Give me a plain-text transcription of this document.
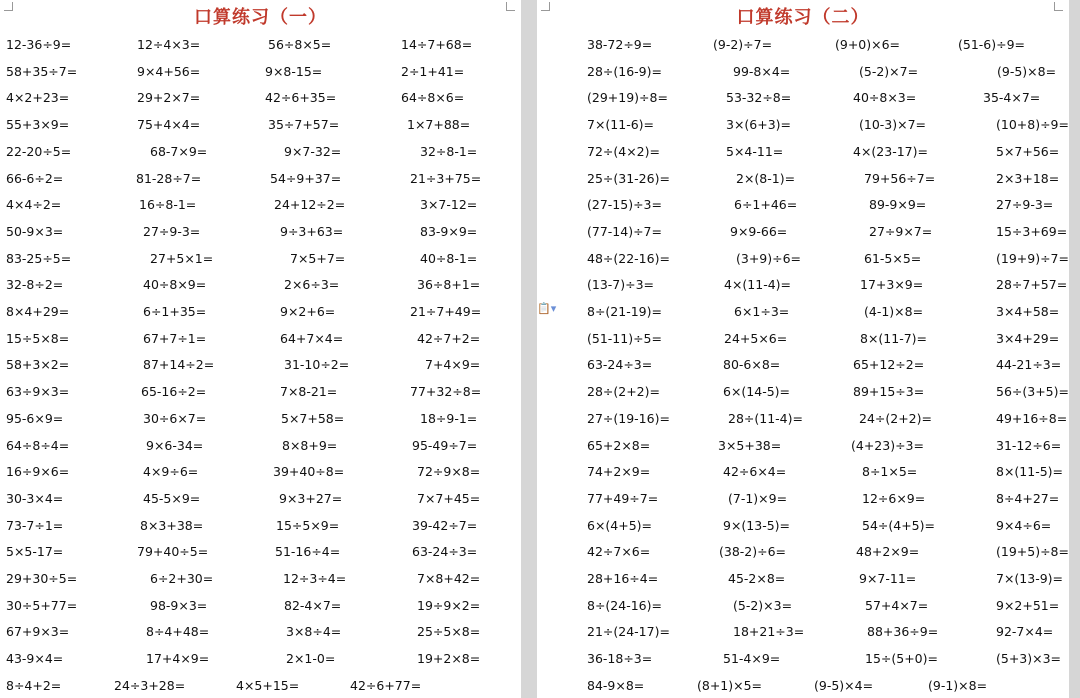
口算练习（一）
12-36÷9=	12÷4×3=	56÷8×5=	14÷7+68=
58+35÷7=	9×4+56=	9×8-15=	2÷1+41=
4×2+23=	29+2×7=	42÷6+35=	64÷8×6=
55+3×9=	75+4×4=	35÷7+57=	1×7+88=
22-20÷5=	68-7×9=	9×7-32=	32÷8-1=
66-6÷2=	81-28÷7=	54÷9+37=	21÷3+75=
4×4÷2=	16÷8-1=	24+12÷2=	3×7-12=
50-9×3=	27÷9-3=	9÷3+63=	83-9×9=
83-25÷5=	27+5×1=	7×5+7=	40÷8-1=
32-8÷2=	40÷8×9=	2×6÷3=	36÷8+1=
8×4+29=	6÷1+35=	9×2+6=	21÷7+49=
15÷5×8=	67+7÷1=	64+7×4=	42÷7+2=
58+3×2=	87+14÷2=	31-10÷2=	7+4×9=
63÷9×3=	65-16÷2=	7×8-21=	77+32÷8=
95-6×9=	30÷6×7=	5×7+58=	18÷9-1=
64÷8÷4=	9×6-34=	8×8+9=	95-49÷7=
16÷9×6=	4×9÷6=	39+40÷8=	72÷9×8=
30-3×4=	45-5×9=	9×3+27=	7×7+45=
73-7÷1=	8×3+38=	15÷5×9=	39-42÷7=
5×5-17=	79+40÷5=	51-16÷4=	63-24÷3=
29+30÷5=	6÷2+30=	12÷3÷4=	7×8+42=
30÷5+77=	98-9×3=	82-4×7=	19÷9×2=
67+9×3=	8÷4+48=	3×8÷4=	25÷5×8=
43-9×4=	17+4×9=	2×1-0=	19+2×8=
8÷4+2=	24÷3+28=	4×5+15=	42÷6+77=
口算练习（二）
38-72÷9=	(9-2)÷7=	(9+0)×6=	(51-6)÷9=
28÷(16-9)=	99-8×4=	(5-2)×7=	(9-5)×8=
(29+19)÷8=	53-32÷8=	40÷8×3=	35-4×7=
7×(11-6)=	3×(6+3)=	(10-3)×7=	(10+8)÷9=
72÷(4×2)=	5×4-11=	4×(23-17)=	5×7+56=
25÷(31-26)=	2×(8-1)=	79+56÷7=	2×3+18=
(27-15)÷3=	6÷1+46=	89-9×9=	27÷9-3=
(77-14)÷7=	9×9-66=	27÷9×7=	15÷3+69=
48÷(22-16)=	(3+9)÷6=	61-5×5=	(19+9)÷7=
(13-7)÷3=	4×(11-4)=	17+3×9=	28÷7+57=
8÷(21-19)=	6×1÷3=	(4-1)×8=	3×4+58=
(51-11)÷5=	24+5×6=	8×(11-7)=	3×4+29=
63-24÷3=	80-6×8=	65+12÷2=	44-21÷3=
28÷(2+2)=	6×(14-5)=	89+15÷3=	56÷(3+5)=
27÷(19-16)=	28÷(11-4)=	24÷(2+2)=	49+16÷8=
65+2×8=	3×5+38=	(4+23)÷3=	31-12÷6=
74+2×9=	42÷6×4=	8÷1×5=	8×(11-5)=
77+49÷7=	(7-1)×9=	12÷6×9=	8÷4+27=
6×(4+5)=	9×(13-5)=	54÷(4+5)=	9×4÷6=
42÷7×6=	(38-2)÷6=	48+2×9=	(19+5)÷8=
28+16÷4=	45-2×8=	9×7-11=	7×(13-9)=
8÷(24-16)=	(5-2)×3=	57+4×7=	9×2+51=
21÷(24-17)=	18+21÷3=	88+36÷9=	92-7×4=
36-18÷3=	51-4×9=	15÷(5+0)=	(5+3)×3=
84-9×8=	(8+1)×5=	(9-5)×4=	(9-1)×8=
📋▾
